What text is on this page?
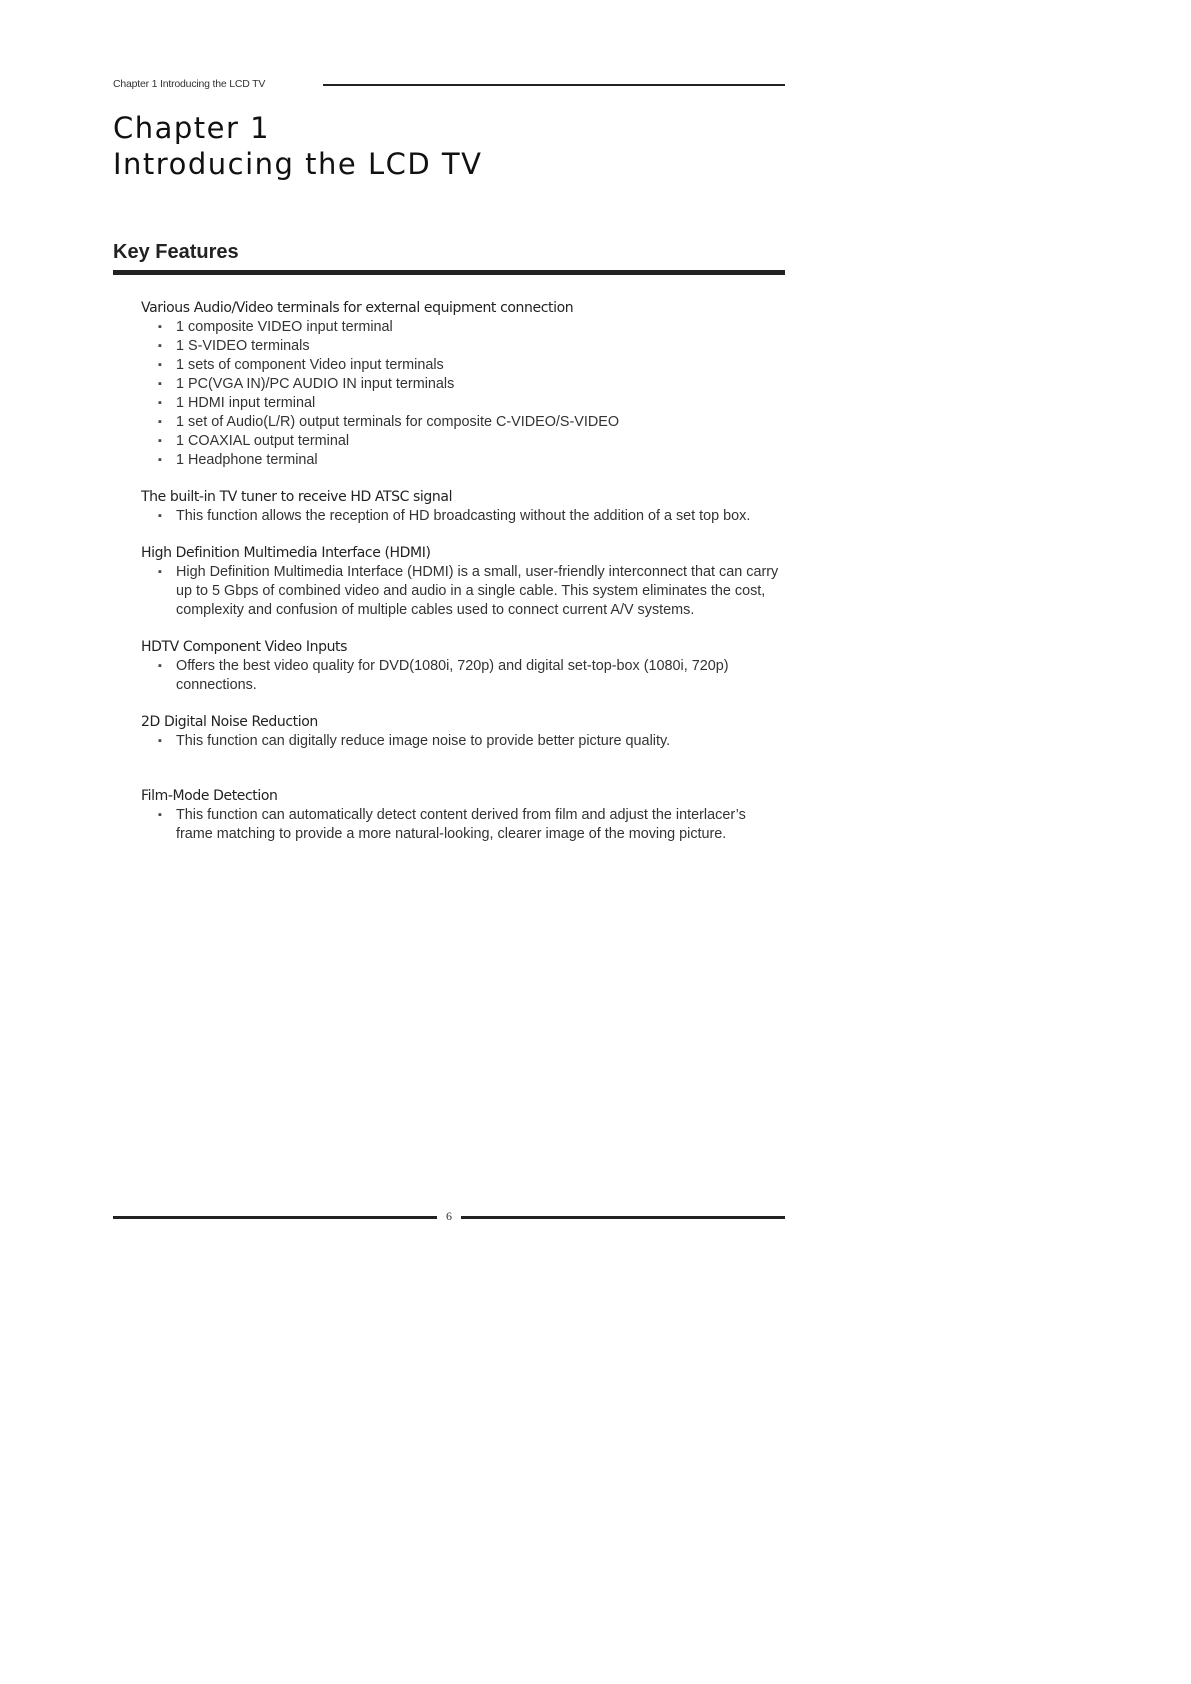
Chapter 1 Introducing the LCD TV
Chapter 1
Introducing the LCD TV
Key Features
Various Audio/Video terminals for external equipment connection
▪ 1 composite VIDEO input terminal
▪ 1 S-VIDEO terminals
▪ 1 sets of component Video input terminals
▪ 1 PC(VGA IN)/PC AUDIO IN input terminals
▪ 1 HDMI input terminal
▪ 1 set of Audio(L/R) output terminals for composite C-VIDEO/S-VIDEO
▪ 1 COAXIAL output terminal
▪ 1 Headphone terminal
The built-in TV tuner to receive HD ATSC signal
▪ This function allows the reception of HD broadcasting without the addition of a set top box.
High Definition Multimedia Interface (HDMI)
▪ High Definition Multimedia Interface (HDMI) is a small, user-friendly interconnect that can carry up to 5 Gbps of combined video and audio in a single cable. This system eliminates the cost, complexity and confusion of multiple cables used to connect current A/V systems.
HDTV Component Video Inputs
▪ Offers the best video quality for DVD(1080i, 720p) and digital set-top-box (1080i, 720p) connections.
2D Digital Noise Reduction
▪ This function can digitally reduce image noise to provide better picture quality.
Film-Mode Detection
▪ This function can automatically detect content derived from film and adjust the interlacer’s frame matching to provide a more natural-looking, clearer image of the moving picture.
6
